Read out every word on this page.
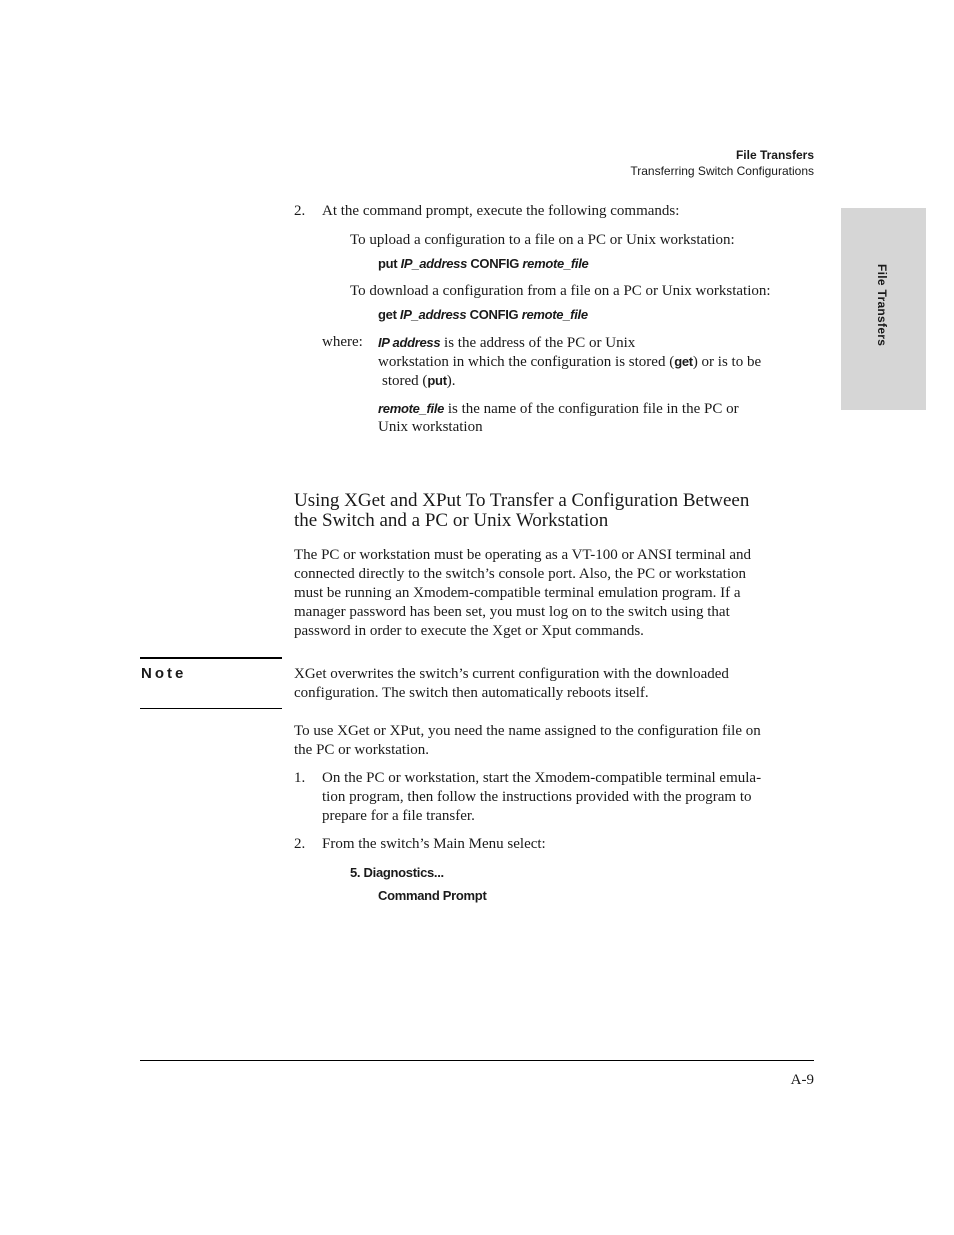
File Transfers
Transferring Switch Configurations
File Transfers
2. At the command prompt, execute the following commands:
To upload a configuration to a file on a PC or Unix workstation:
put IP_address CONFIG remote_file
To download a configuration from a file on a PC or Unix workstation:
get IP_address CONFIG remote_file
where: IP address is the address of the PC or Unix
workstation in which the configuration is stored (get) or is to be
stored (put).
remote_file is the name of the configuration file in the PC or
Unix workstation
Using XGet and XPut To Transfer a Configuration Between
the Switch and a PC or Unix Workstation
The PC or workstation must be operating as a VT-100 or ANSI terminal and
connected directly to the switch’s console port. Also, the PC or workstation
must be running an Xmodem-compatible terminal emulation program. If a
manager password has been set, you must log on to the switch using that
password in order to execute the Xget or Xput commands.
Note	XGet overwrites the switch’s current configuration with the downloaded
configuration. The switch then automatically reboots itself.
To use XGet or XPut, you need the name assigned to the configuration file on
the PC or workstation.
1. On the PC or workstation, start the Xmodem-compatible terminal emula-
tion program, then follow the instructions provided with the program to
prepare for a file transfer.
2. From the switch’s Main Menu select:
5. Diagnostics...
Command Prompt
A-9
